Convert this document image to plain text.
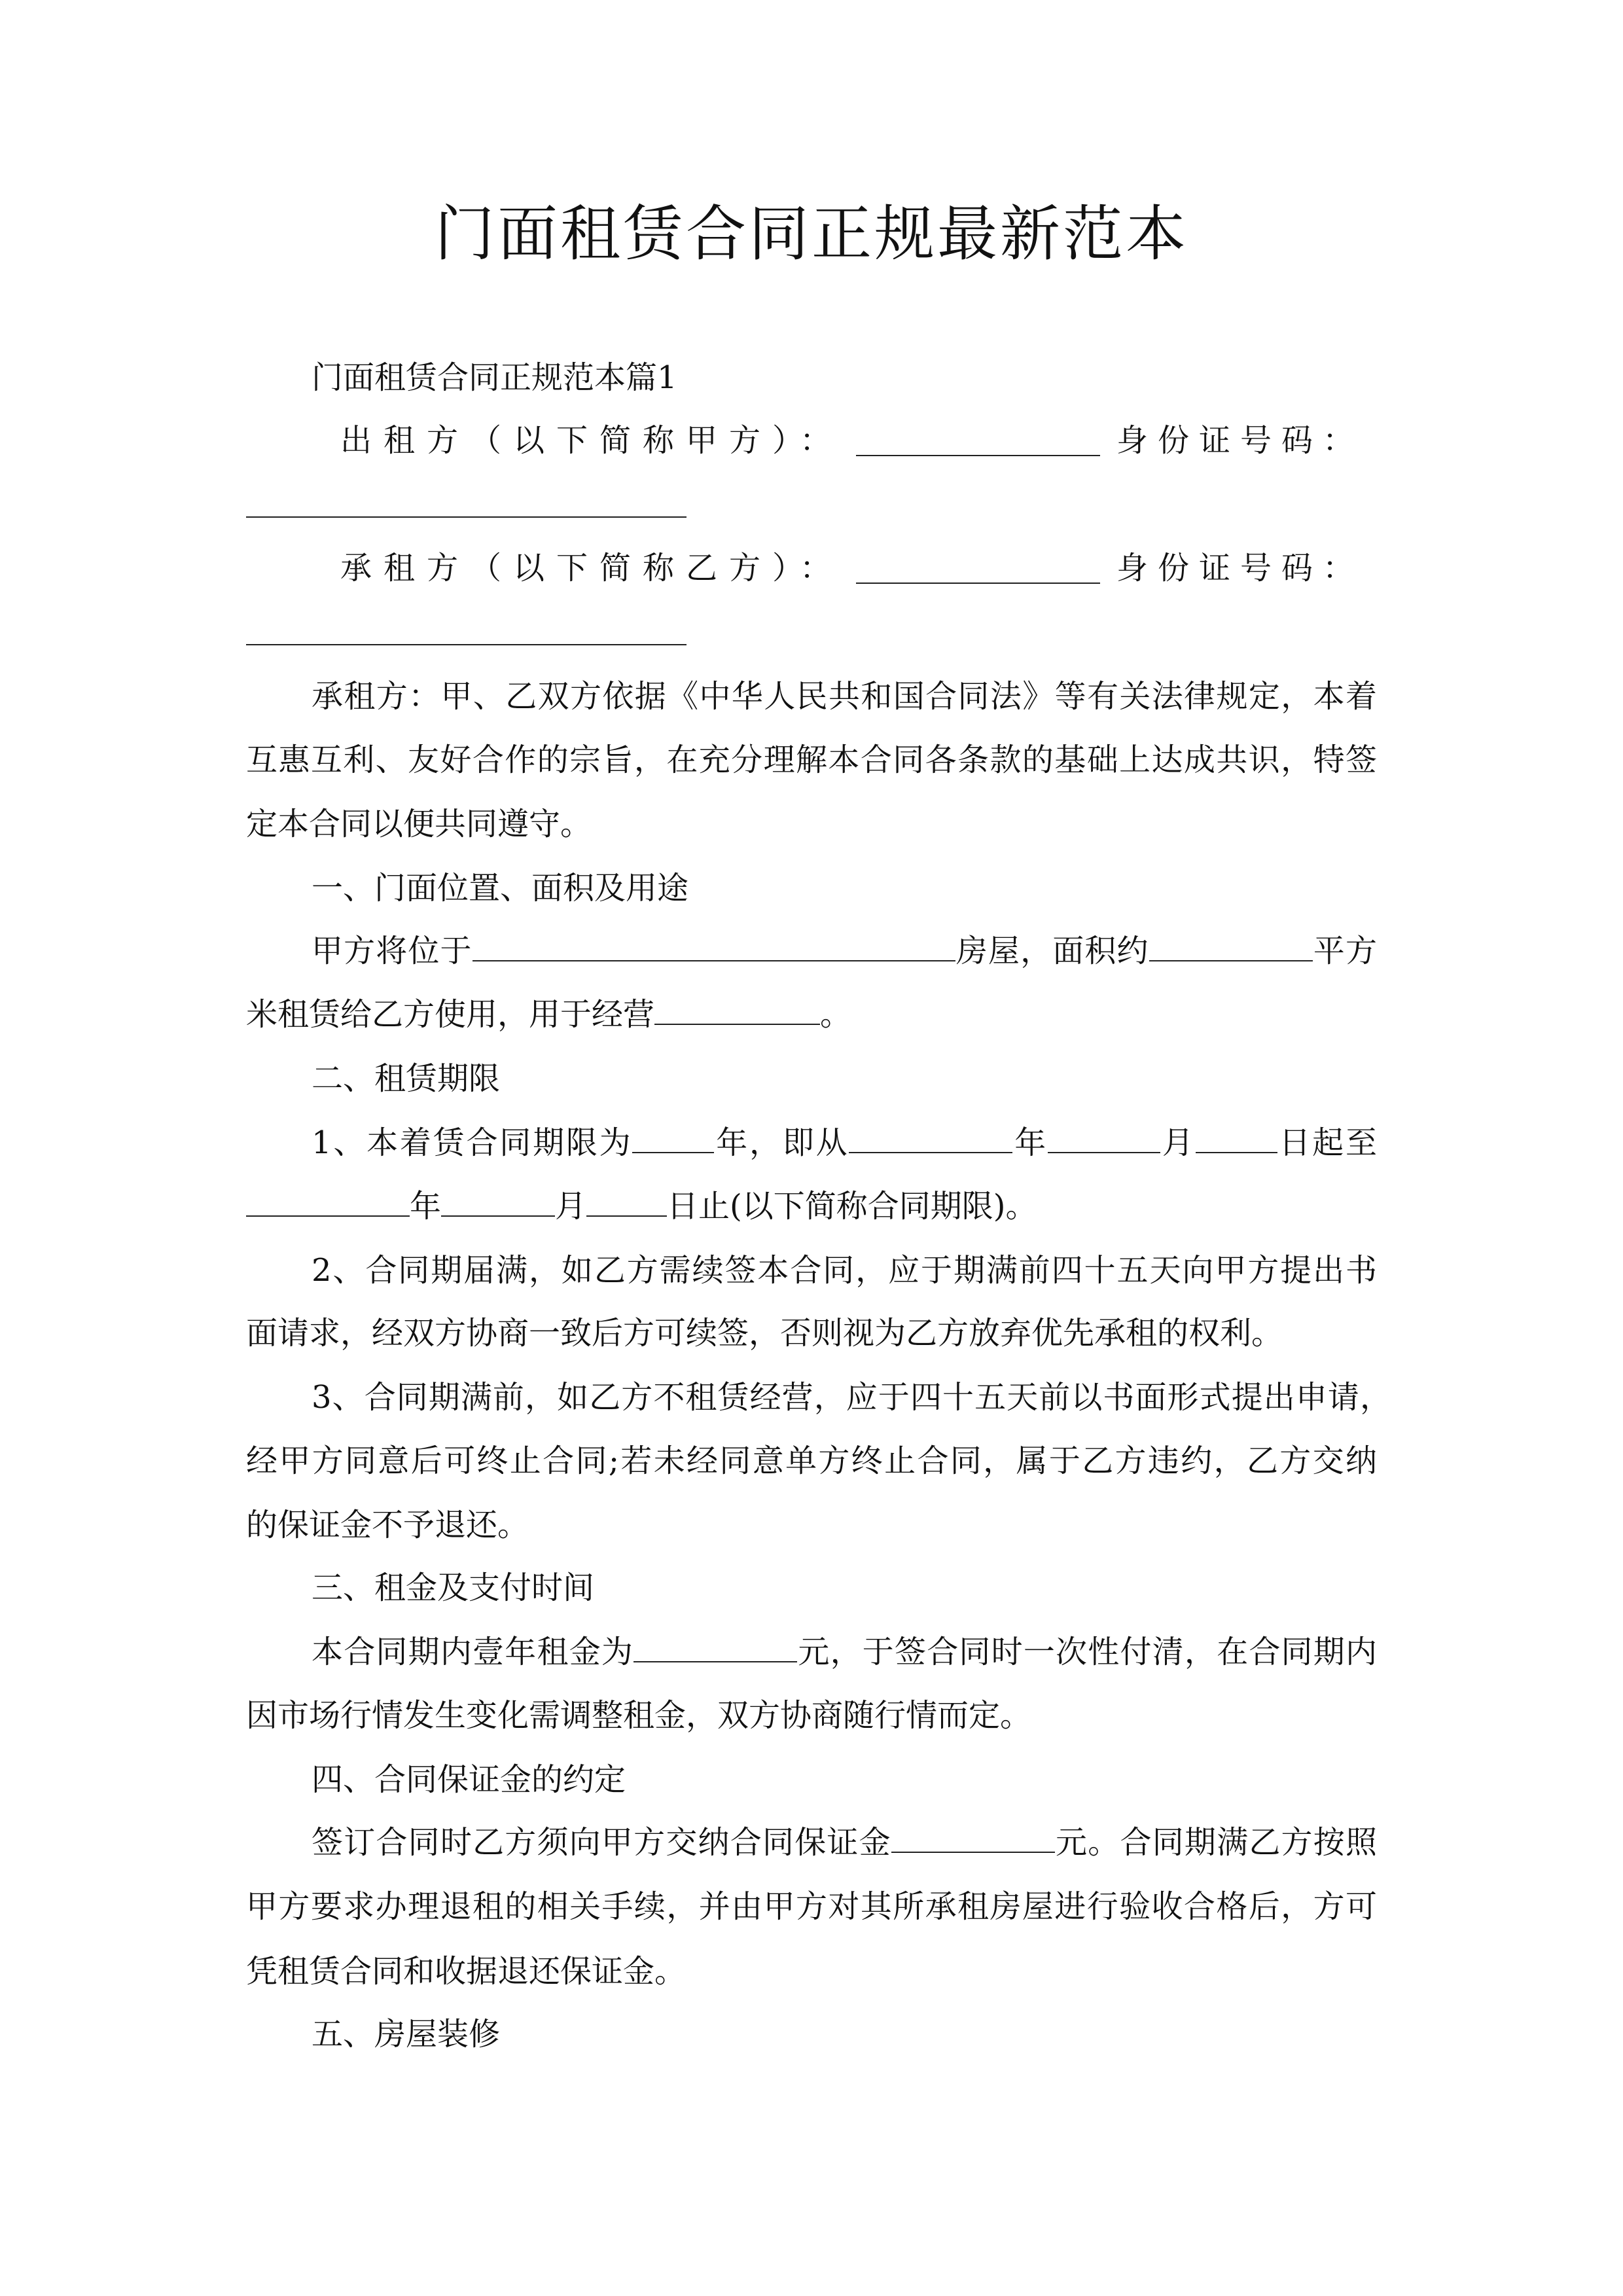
门面租赁合同正规最新范本
门面租赁合同正规范本篇1
出租方（以下简称甲方）：	身份证号码：
承租方（以下简称乙方）：	身份证号码：
承租方：甲、乙双方依据《中华人民共和国合同法》等有关法律规定，本着
互惠互利、友好合作的宗旨，在充分理解本合同各条款的基础上达成共识，特签
定本合同以便共同遵守。
一、门面位置、面积及用途
甲方将位于	房屋，面积约	平方
米租赁给乙方使用，用于经营	。
二、租赁期限
1、本着赁合同期限为	年，即从	年	月	日起至
年	月	日止(以下简称合同期限)。
2、合同期届满，如乙方需续签本合同，应于期满前四十五天向甲方提出书
面请求，经双方协商一致后方可续签，否则视为乙方放弃优先承租的权利。
3、合同期满前，如乙方不租赁经营，应于四十五天前以书面形式提出申请，
经甲方同意后可终止合同;若未经同意单方终止合同，属于乙方违约，乙方交纳
的保证金不予退还。
三、租金及支付时间
本合同期内壹年租金为	元，于签合同时一次性付清，在合同期内
因市场行情发生变化需调整租金，双方协商随行情而定。
四、合同保证金的约定
签订合同时乙方须向甲方交纳合同保证金	元。合同期满乙方按照
甲方要求办理退租的相关手续，并由甲方对其所承租房屋进行验收合格后，方可
凭租赁合同和收据退还保证金。
五、房屋装修
